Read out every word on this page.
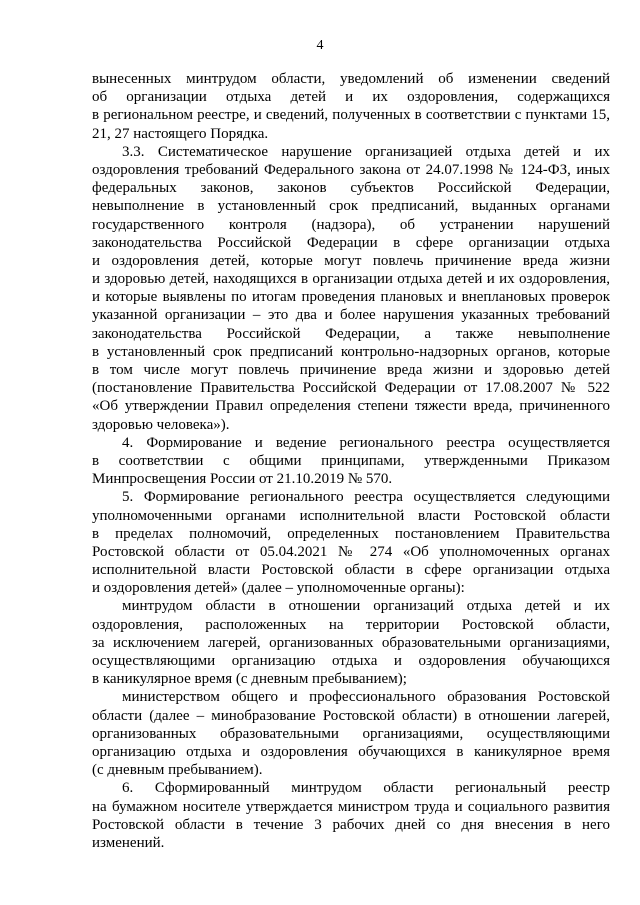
4
вынесенных минтрудом области, уведомлений об изменении сведений
об организации отдыха детей и их оздоровления, содержащихся
в региональном реестре, и сведений, полученных в соответствии с пунктами 15,
21, 27 настоящего Порядка.
3.3. Систематическое нарушение организацией отдыха детей и их
оздоровления требований Федерального закона от 24.07.1998 № 124-ФЗ, иных
федеральных законов, законов субъектов Российской Федерации,
невыполнение в установленный срок предписаний, выданных органами
государственного контроля (надзора), об устранении нарушений
законодательства Российской Федерации в сфере организации отдыха
и оздоровления детей, которые могут повлечь причинение вреда жизни
и здоровью детей, находящихся в организации отдыха детей и их оздоровления,
и которые выявлены по итогам проведения плановых и внеплановых проверок
указанной организации – это два и более нарушения указанных требований
законодательства Российской Федерации, а также невыполнение
в установленный срок предписаний контрольно-надзорных органов, которые
в том числе могут повлечь причинение вреда жизни и здоровью детей
(постановление Правительства Российской Федерации от 17.08.2007 № 522
«Об утверждении Правил определения степени тяжести вреда, причиненного
здоровью человека»).
4. Формирование и ведение регионального реестра осуществляется
в соответствии с общими принципами, утвержденными Приказом
Минпросвещения России от 21.10.2019 № 570.
5. Формирование регионального реестра осуществляется следующими
уполномоченными органами исполнительной власти Ростовской области
в пределах полномочий, определенных постановлением Правительства
Ростовской области от 05.04.2021 № 274 «Об уполномоченных органах
исполнительной власти Ростовской области в сфере организации отдыха
и оздоровления детей» (далее – уполномоченные органы):
минтрудом области в отношении организаций отдыха детей и их
оздоровления, расположенных на территории Ростовской области,
за исключением лагерей, организованных образовательными организациями,
осуществляющими организацию отдыха и оздоровления обучающихся
в каникулярное время (с дневным пребыванием);
министерством общего и профессионального образования Ростовской
области (далее – минобразование Ростовской области) в отношении лагерей,
организованных образовательными организациями, осуществляющими
организацию отдыха и оздоровления обучающихся в каникулярное время
(с дневным пребыванием).
6. Сформированный минтрудом области региональный реестр
на бумажном носителе утверждается министром труда и социального развития
Ростовской области в течение 3 рабочих дней со дня внесения в него
изменений.
